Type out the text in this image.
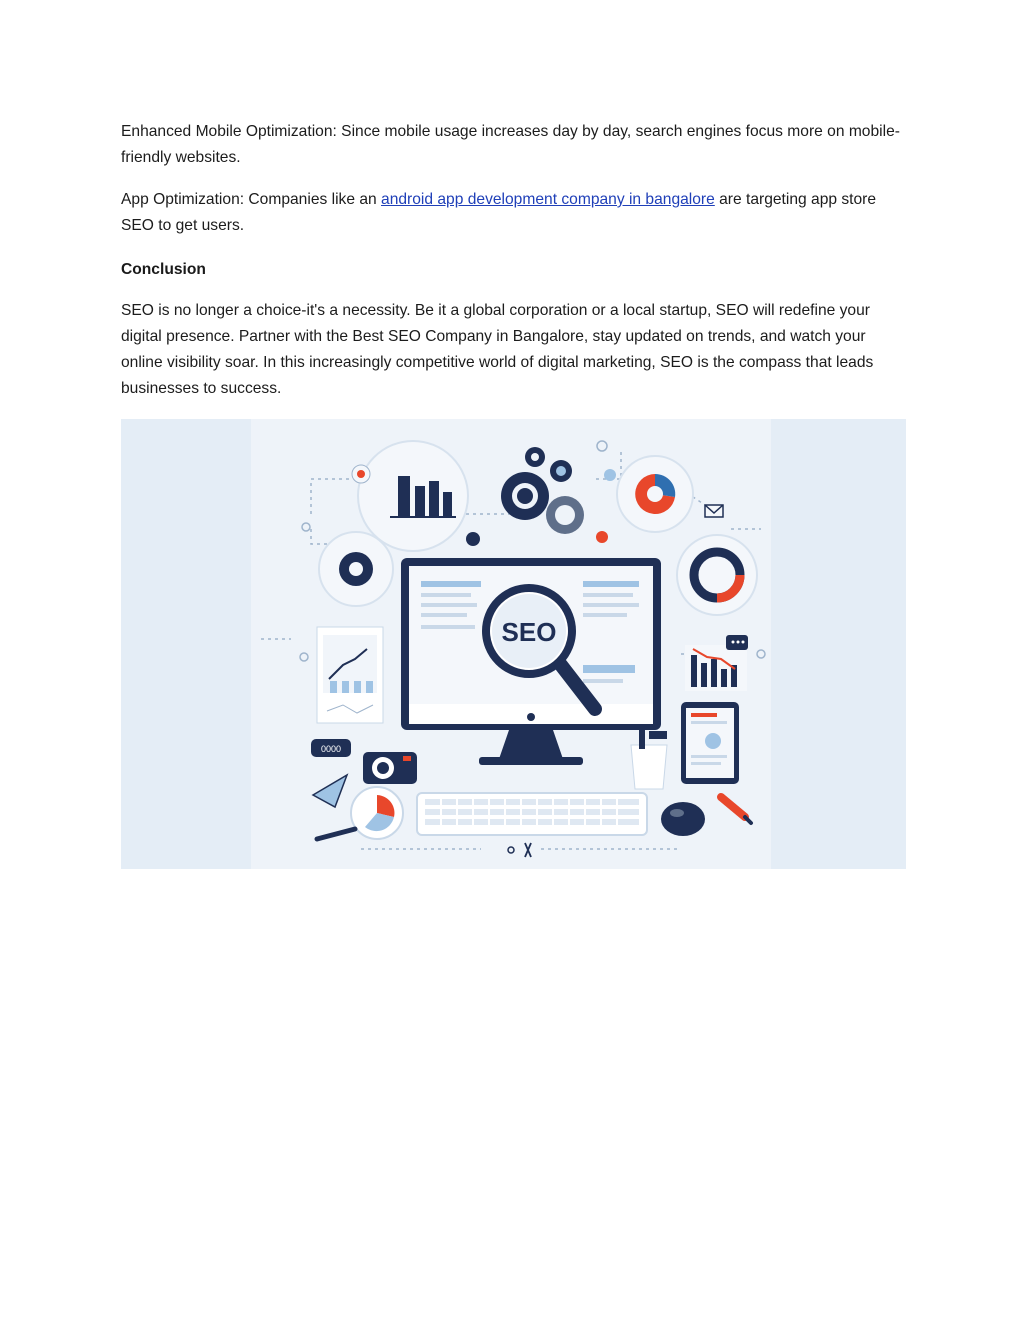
Enhanced Mobile Optimization: Since mobile usage increases day by day, search engines focus more on mobile-friendly websites.

App Optimization: Companies like an android app development company in bangalore are targeting app store SEO to get users.

Conclusion

SEO is no longer a choice-it's a necessity. Be it a global corporation or a local startup, SEO will redefine your digital presence. Partner with the Best SEO Company in Bangalore, stay updated on trends, and watch your online visibility soar. In this increasingly competitive world of digital marketing, SEO is the compass that leads businesses to success.

SEO
0000
